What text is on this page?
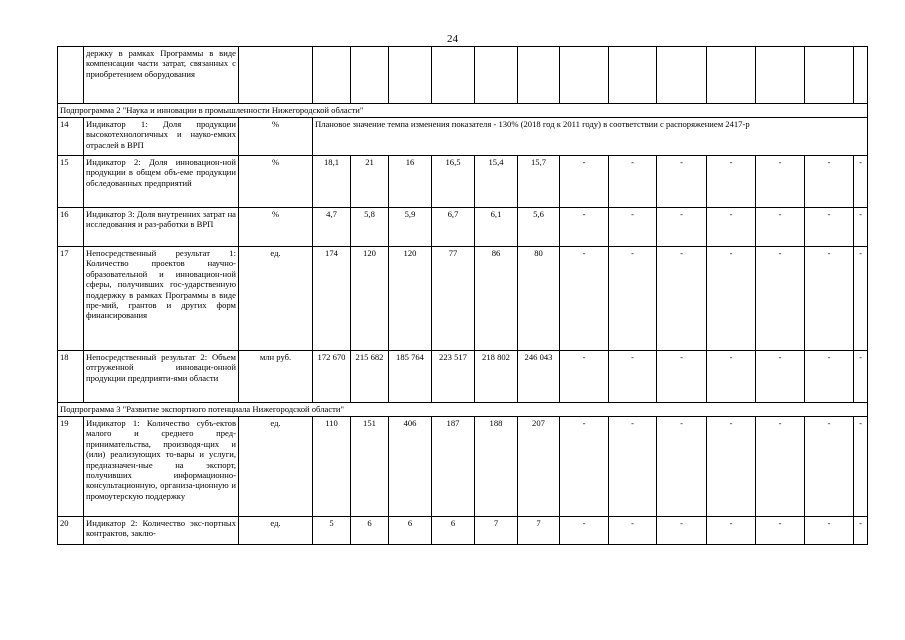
24
	держку в рамках Программы в виде компенсации части затрат, связанных с приобретением оборудования															
Подпрограмма 2 "Наука и инновации в промышленности Нижегородской области"																
14	Индикатор 1: Доля продукции высокотехнологичных и науко-емких отраслей в ВРП	%	Плановое значение темпа изменения показателя - 130% (2018 год к 2011 году) в соответствии с распоряжением 2417-р													
15	Индикатор 2: Доля инновацион-ной продукции в общем объ-еме продукции обследованных предприятий	%	18,1	21	16	16,5	15,4	15,7	-	-	-	-	-	-	-	
16	Индикатор 3: Доля внутренних затрат на исследования и раз-работки в ВРП	%	4,7	5,8	5,9	6,7	6,1	5,6	-	-	-	-	-	-	-	
17	Непосредственный результат 1: Количество проектов научно-образовательной и инновацион-ной сферы, получивших гос-ударственную поддержку в рамках Программы в виде пре-мий, грантов и других форм финансирования	ед.	174	120	120	77	86	80	-	-	-	-	-	-	-	
18	Непосредственный результат 2: Объем отгруженной инноваци-онной продукции предприяти-ями области	млн руб.	172 670	215 682	185 764	223 517	218 802	246 043	-	-	-	-	-	-	-	
Подпрограмма 3 "Развитие экспортного потенциала Нижегородской области"																
19	Индикатор 1: Количество субъ-ектов малого и среднего пред-принимательства, производя-щих и (или) реализующих то-вары и услуги, предназначен-ные на экспорт, получивших информационно-консультационную, организа-ционную и промоутерскую поддержку	ед.	110	151	406	187	188	207	-	-	-	-	-	-	-	
20	Индикатор 2: Количество экс-портных контрактов, заклю-	ед.	5	6	6	6	7	7	-	-	-	-	-	-	-	
